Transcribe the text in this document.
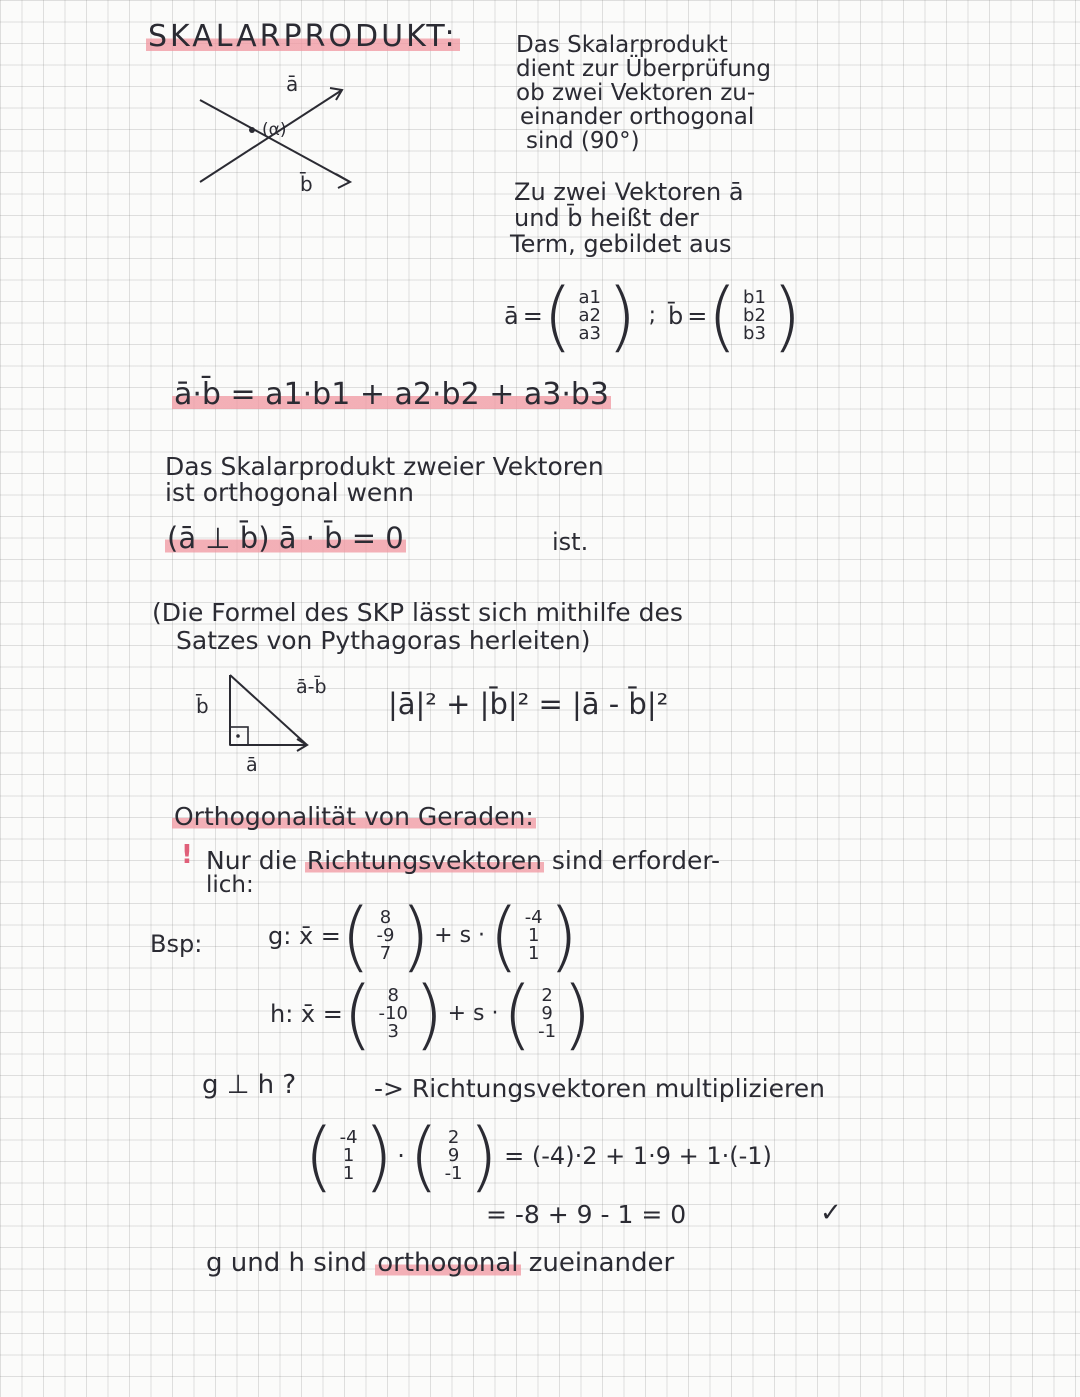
SKALARPRODUKT:	Das Skalarprodukt
dient zur Überprüfung
ob zwei Vektoren zu-
einander orthogonal
sind (90°)
ā
b̄
(α)
Zu zwei Vektoren ā
und b̄ heißt der
Term, gebildet aus
ā = ( a1
a2
a3 ) ; b̄ = ( b1
b2
b3 )
ā·b̄ = a1·b1 + a2·b2 + a3·b3
Das Skalarprodukt zweier Vektoren
ist orthogonal wenn
(ā ⊥ b̄) ā · b̄ = 0	ist.
(Die Formel des SKP lässt sich mithilfe des
Satzes von Pythagoras herleiten)
b̄
ā-b̄
ā
|ā|² + |b̄|² = |ā - b̄|²
Orthogonalität von Geraden:
! Nur die Richtungsvektoren sind erforder-
lich:
Bsp:	g: x̄ = ( 8
-9
7 ) + s · ( -4
1
1 )
h: x̄ = ( 8
-10
3 ) + s · ( 2
9
-1 )
g ⊥ h ?	-> Richtungsvektoren multiplizieren
( -4
1
1 ) · ( 2
9
-1 ) = (-4)·2 + 1·9 + 1·(-1)
= -8 + 9 - 1 = 0	✓
g und h sind orthogonal zueinander
